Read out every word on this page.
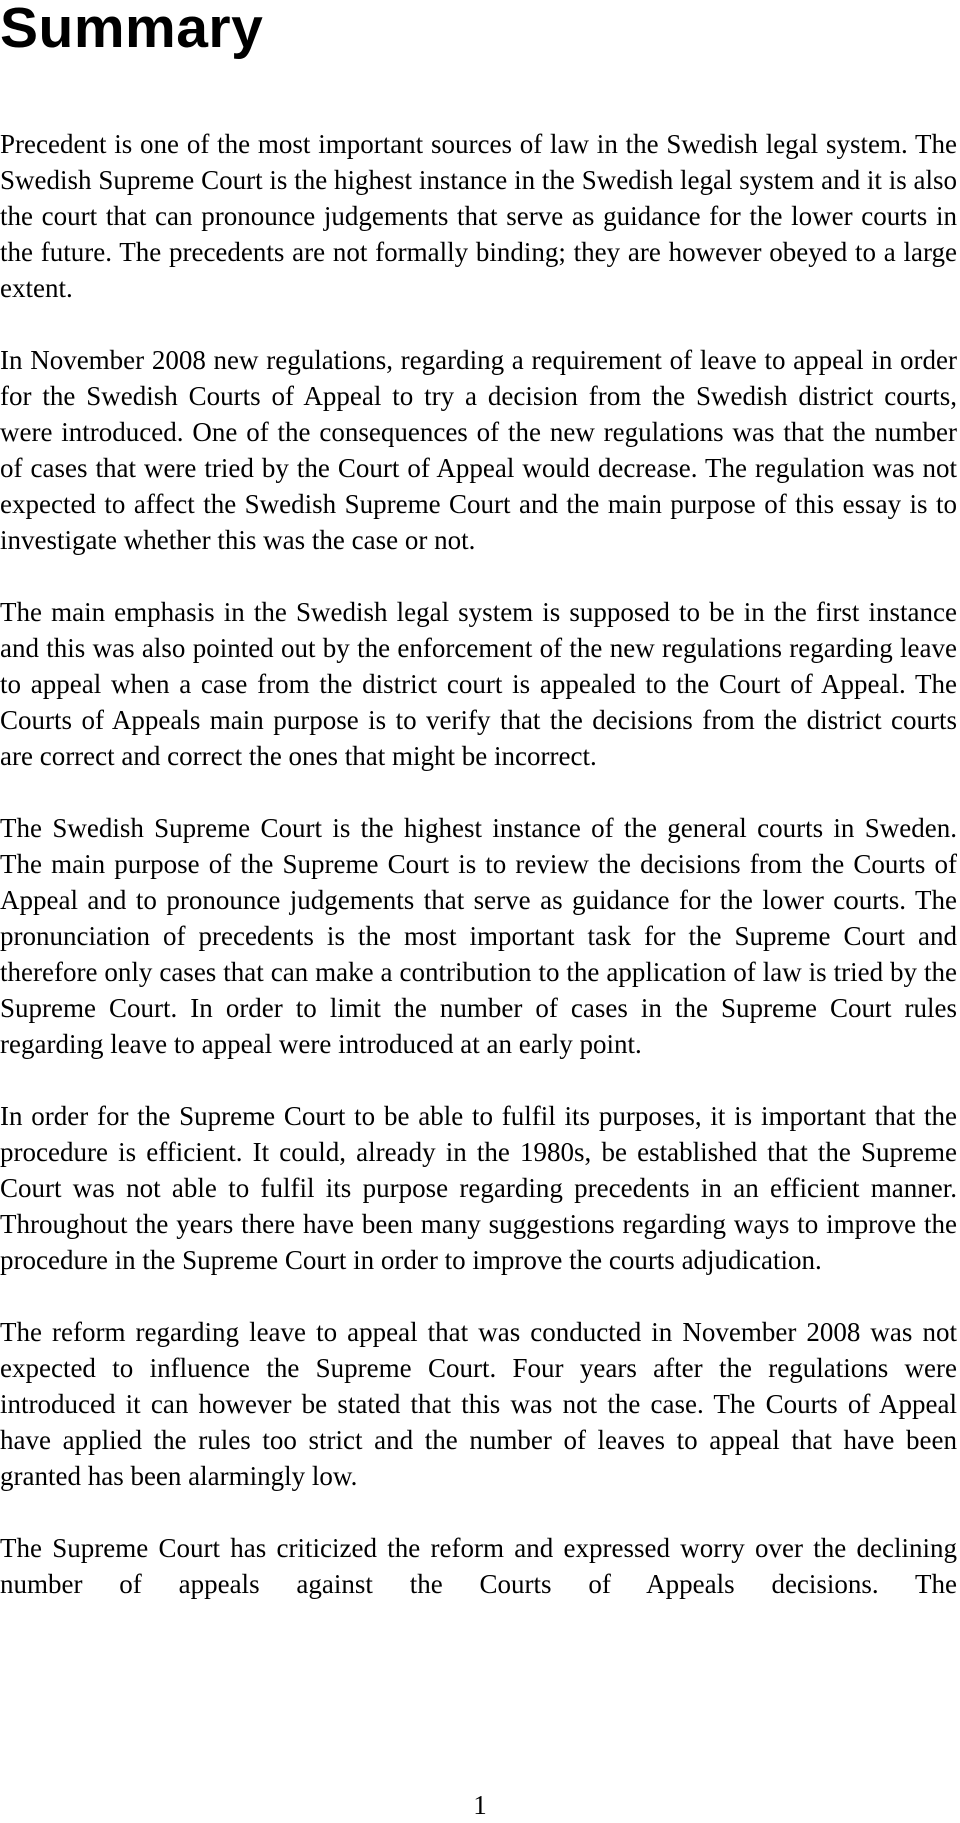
Summary

Precedent is one of the most important sources of law in the Swedish legal system. The Swedish Supreme Court is the highest instance in the Swedish legal system and it is also the court that can pronounce judgements that serve as guidance for the lower courts in the future. The precedents are not formally binding; they are however obeyed to a large extent.

In November 2008 new regulations, regarding a requirement of leave to appeal in order for the Swedish Courts of Appeal to try a decision from the Swedish district courts, were introduced. One of the consequences of the new regulations was that the number of cases that were tried by the Court of Appeal would decrease. The regulation was not expected to affect the Swedish Supreme Court and the main purpose of this essay is to investigate whether this was the case or not.

The main emphasis in the Swedish legal system is supposed to be in the first instance and this was also pointed out by the enforcement of the new regulations regarding leave to appeal when a case from the district court is appealed to the Court of Appeal. The Courts of Appeals main purpose is to verify that the decisions from the district courts are correct and correct the ones that might be incorrect.

The Swedish Supreme Court is the highest instance of the general courts in Sweden. The main purpose of the Supreme Court is to review the decisions from the Courts of Appeal and to pronounce judgements that serve as guidance for the lower courts. The pronunciation of precedents is the most important task for the Supreme Court and therefore only cases that can make a contribution to the application of law is tried by the Supreme Court. In order to limit the number of cases in the Supreme Court rules regarding leave to appeal were introduced at an early point.

In order for the Supreme Court to be able to fulfil its purposes, it is important that the procedure is efficient. It could, already in the 1980s, be established that the Supreme Court was not able to fulfil its purpose regarding precedents in an efficient manner. Throughout the years there have been many suggestions regarding ways to improve the procedure in the Supreme Court in order to improve the courts adjudication.

The reform regarding leave to appeal that was conducted in November 2008 was not expected to influence the Supreme Court. Four years after the regulations were introduced it can however be stated that this was not the case. The Courts of Appeal have applied the rules too strict and the number of leaves to appeal that have been granted has been alarmingly low.

The Supreme Court has criticized the reform and expressed worry over the declining number of appeals against the Courts of Appeals decisions. The

1
